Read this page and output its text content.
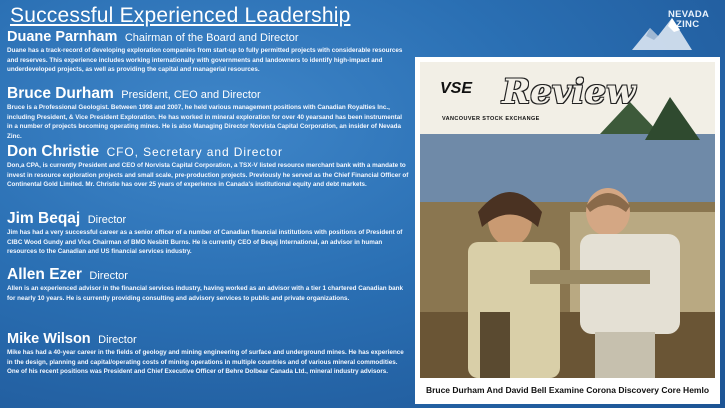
Successful Experienced Leadership	NEVADA
ZINC
Duane Parnham Chairman of the Board and Director
Duane has a track-record of developing exploration companies from start-up to fully permitted projects with considerable resources and reserves. This experience includes working internationally with governments and landowners to identify high-impact and underdeveloped projects, as well as providing the capital and managerial resources.
Bruce Durham President, CEO and Director
Bruce is a Professional Geologist. Between 1998 and 2007, he held various management positions with Canadian Royalties Inc., including President, & Vice President Exploration. He has worked in mineral exploration for over 40 yearsand has been instrumental in a number of projects becoming operating mines. He is also Managing Director Norvista Capital Corporation, an insider of Nevada Zinc.
Don Christie CFO, Secretary and Director
Don,a CPA, is currently President and CEO of Norvista Capital Corporation, a TSX-V listed resource merchant bank with a mandate to invest in resource exploration projects and small scale, pre-production projects. Previously he served as the Chief Financial Officer of Continental Gold Limited. Mr. Christie has over 25 years of experience in Canada's institutional equity and debt markets.
Jim Beqaj Director
Jim has had a very successful career as a senior officer of a number of Canadian financial institutions with positions of President of CIBC Wood Gundy and Vice Chairman of BMO Nesbitt Burns. He is currently CEO of Beqaj International, an advisor in human resources to the Canadian and US financial services industry.
Allen Ezer Director
Allen is an experienced advisor in the financial services industry, having worked as an advisor with a tier 1 chartered Canadian bank for nearly 10 years. He is currently providing consulting and advisory services to public and private organizations.
Mike Wilson Director
Mike has had a 40-year career in the fields of geology and mining engineering of surface and underground mines. He has experience in the design, planning and capital/operating costs of mining operations in multiple countries and of various mineral commodities. One of his recent positions was President and Chief Executive Officer of Behre Dolbear Canada Ltd., mineral industry advisors.
VSE Review
VANCOUVER STOCK EXCHANGE
Bruce Durham And David Bell Examine Corona Discovery Core Hemlo
